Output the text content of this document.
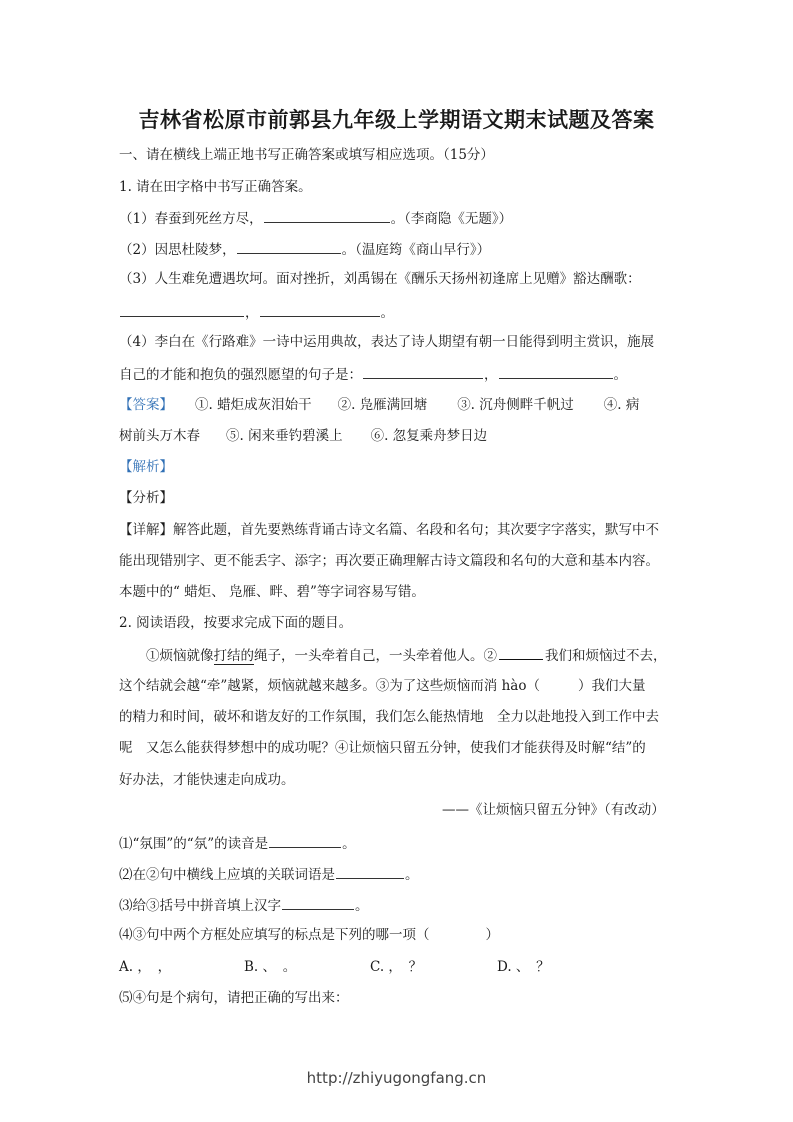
吉林省松原市前郭县九年级上学期语文期末试题及答案
一、请在横线上端正地书写正确答案或填写相应选项。（15分）
1. 请在田字格中书写正确答案。
（1）春蚕到死丝方尽，	。（李商隐《无题》）
（2）因思杜陵梦，	。（温庭筠《商山早行》）
（3）人生难免遭遇坎坷。面对挫折，刘禹锡在《酬乐天扬州初逢席上见赠》豁达酬歌：
，	。
（4）李白在《行路难》一诗中运用典故，表达了诗人期望有朝一日能得到明主赏识，施展
自己的才能和抱负的强烈愿望的句子是：	，	。
【答案】 ①. 蜡炬成灰泪始干 ②. 凫雁满回塘 ③. 沉舟侧畔千帆过 ④. 病
树前头万木春 ⑤. 闲来垂钓碧溪上 ⑥. 忽复乘舟梦日边
【解析】
【分析】
【详解】解答此题，首先要熟练背诵古诗文名篇、名段和名句；其次要字字落实，默写中不
能出现错别字、更不能丢字、添字；再次要正确理解古诗文篇段和名句的大意和基本内容。
本题中的“ 蜡炬、 凫雁、畔、碧”等字词容易写错。
2. 阅读语段，按要求完成下面的题目。
①烦恼就像打结的绳子，一头牵着自己，一头牵着他人。②	我们和烦恼过不去，
这个结就会越“牵”越紧，烦恼就越来越多。③为了这些烦恼而消 hào（	）我们大量
的精力和时间，破坏和谐友好的工作氛围，我们怎么能热情地　全力以赴地投入到工作中去
呢　又怎么能获得梦想中的成功呢？④让烦恼只留五分钟，使我们才能获得及时解“结”的
好办法，才能快速走向成功。
——《让烦恼只留五分钟》（有改动）
⑴“氛围”的“氛”的读音是	。
⑵在②句中横线上应填的关联词语是	。
⑶给③括号中拼音填上汉字	。
⑷③句中两个方框处应填写的标点是下列的哪一项（	）
A. ，　，	B. 、　。	C. ，　？	D. 、　？
⑸④句是个病句，请把正确的写出来：
http://zhiyugongfang.cn
